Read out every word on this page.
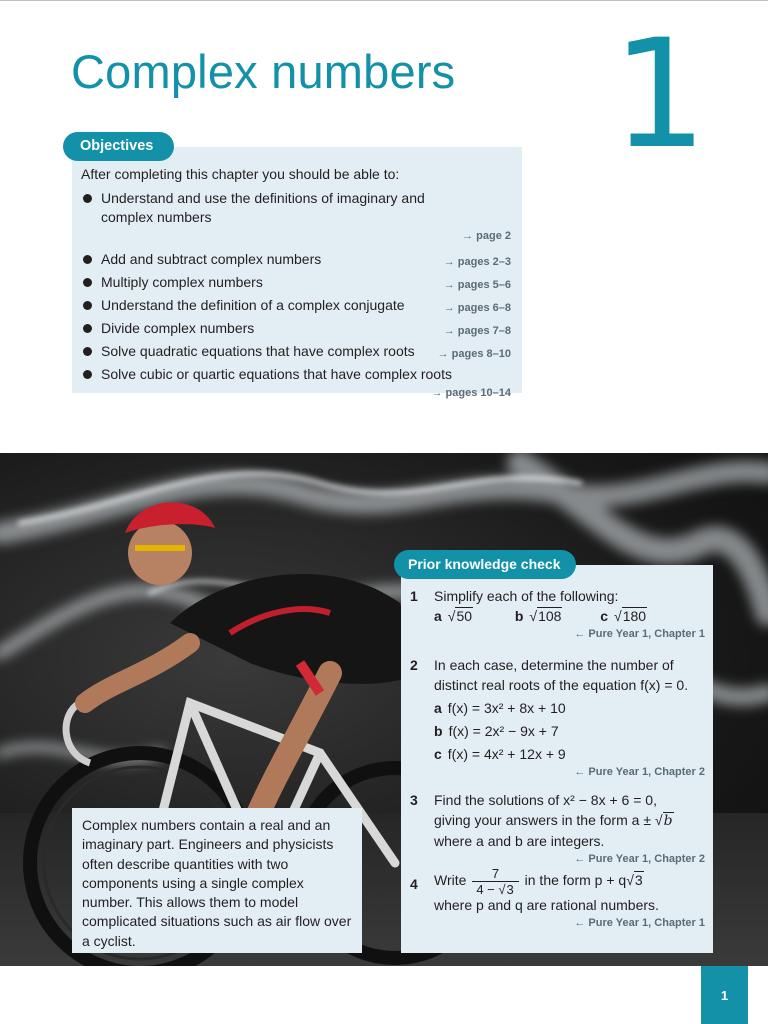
Complex numbers 1
Objectives
After completing this chapter you should be able to:
Understand and use the definitions of imaginary and complex numbers
→ page 2
Add and subtract complex numbers	→ pages 2–3
Multiply complex numbers	→ pages 5–6
Understand the definition of a complex conjugate	→ pages 6–8
Divide complex numbers	→ pages 7–8
Solve quadratic equations that have complex roots → pages 8–10
Solve cubic or quartic equations that have complex roots
→ pages 10–14
Prior knowledge check
1 Simplify each of the following:
a √50	b √108	c √180
← Pure Year 1, Chapter 1
2 In each case, determine the number of
distinct real roots of the equation f(x) = 0.
a f(x) = 3x² + 8x + 10
b f(x) = 2x² − 9x + 7
c f(x) = 4x² + 12x + 9
← Pure Year 1, Chapter 2
3 Find the solutions of x² − 8x + 6 = 0,
giving your answers in the form a ± √b
where a and b are integers.
← Pure Year 1, Chapter 2
4 Write $\frac{7}{4 - √3}$ in the form p + q√3
where p and q are rational numbers.
← Pure Year 1, Chapter 1
Complex numbers contain a real and an imaginary part. Engineers and physicists often describe quantities with two components using a single complex number. This allows them to model complicated situations such as air flow over a cyclist.
1
